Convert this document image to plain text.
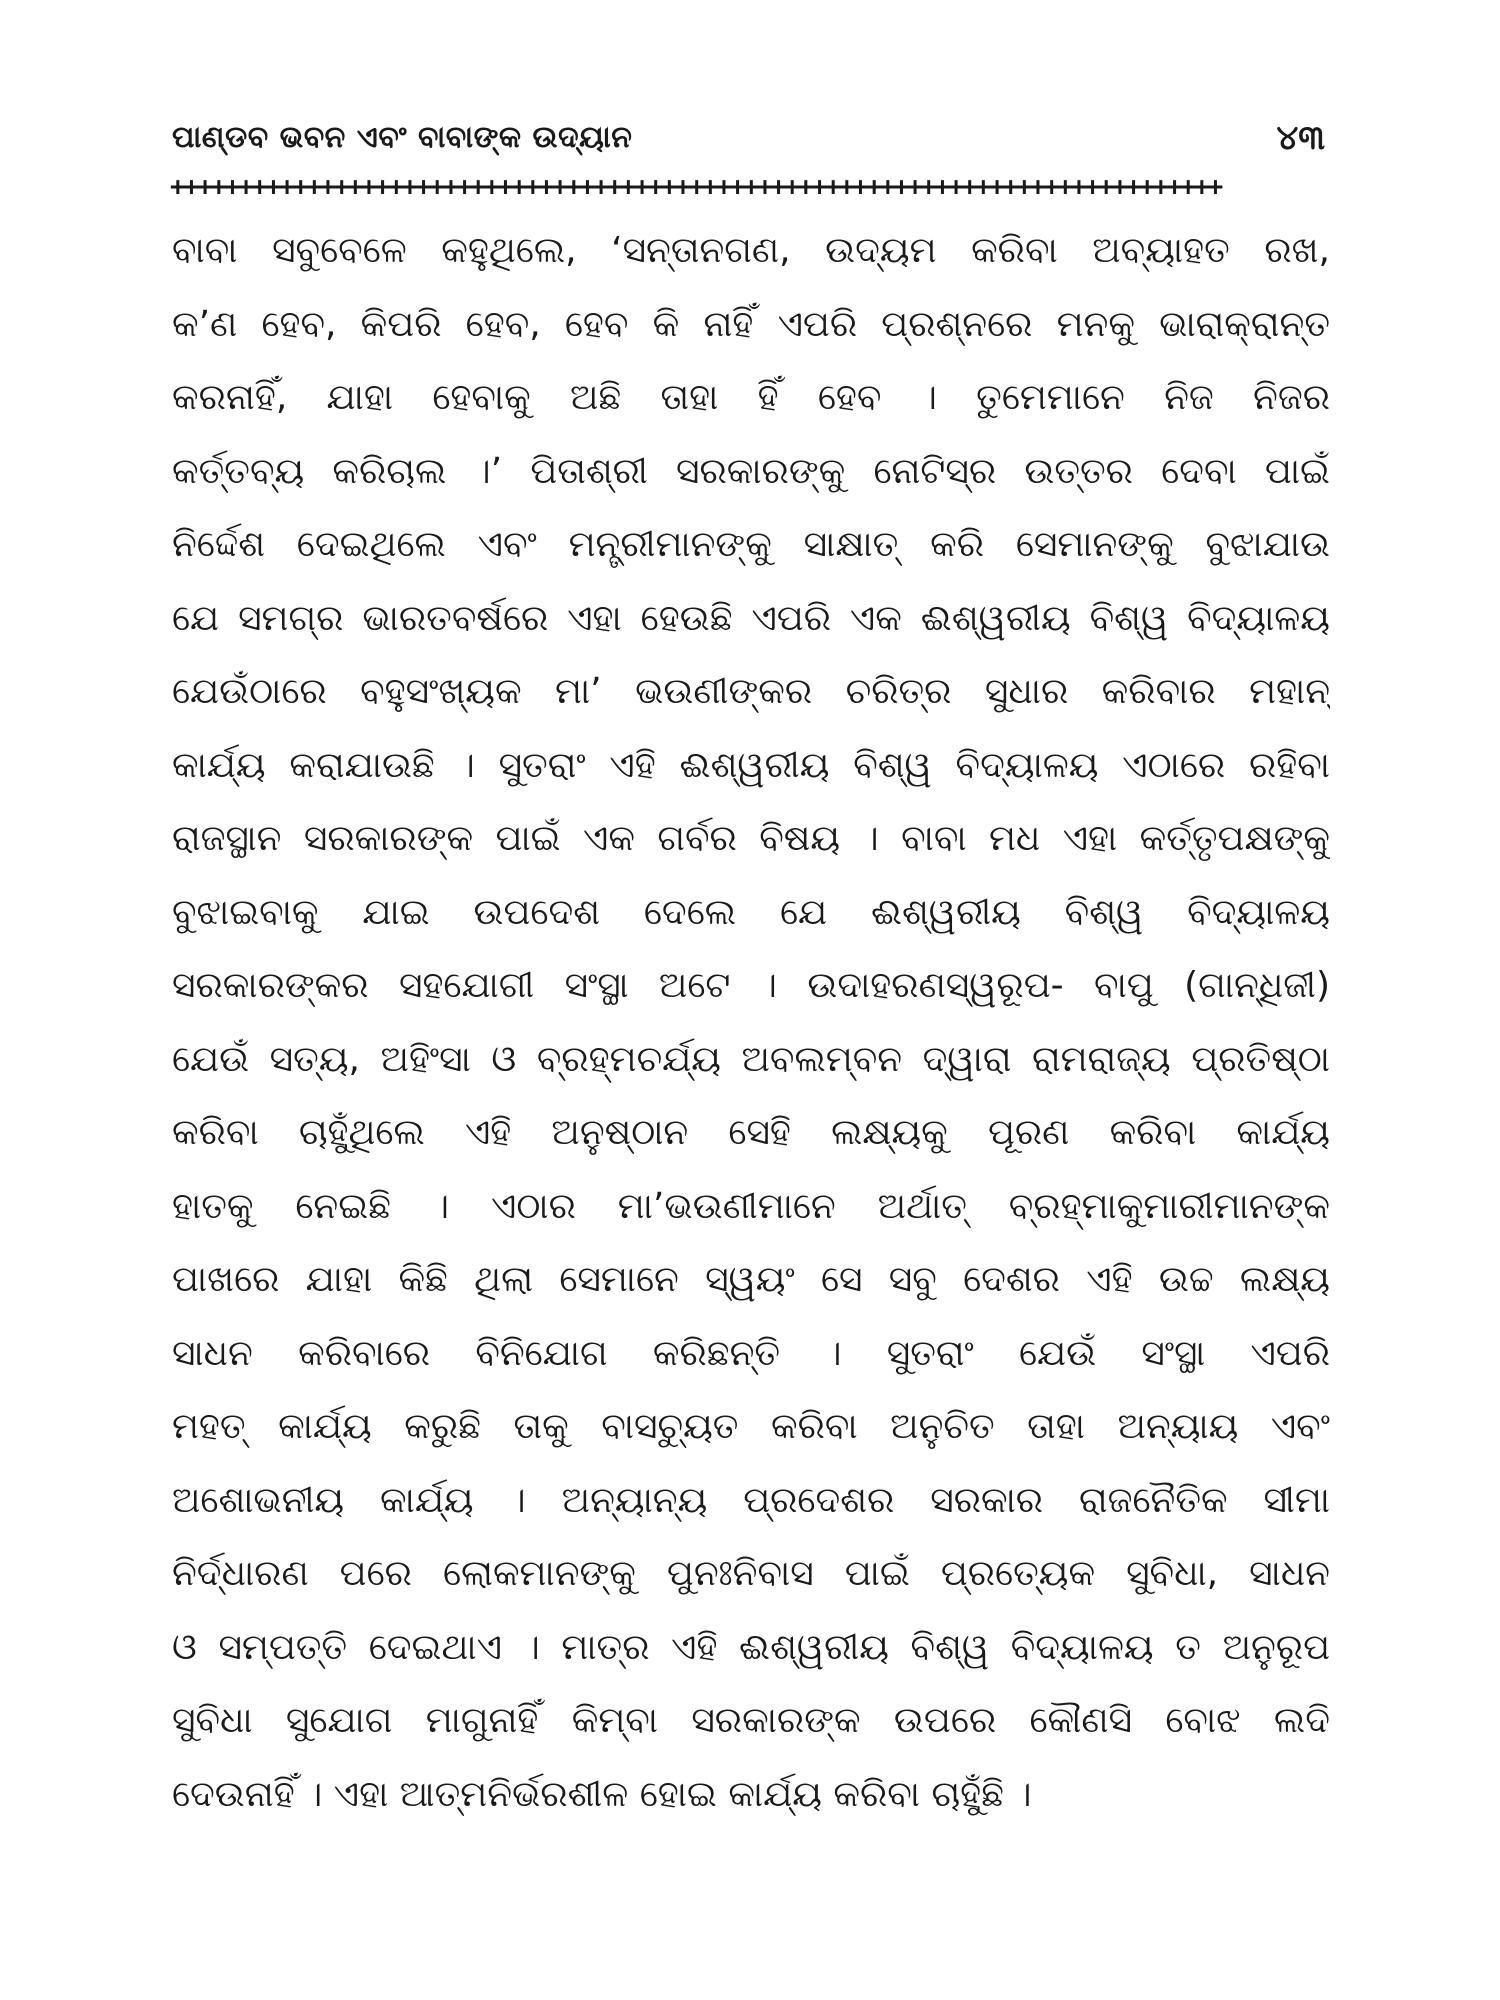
ପାଣ୍ଡବ ଭବନ ଏବଂ ବାବାଙ୍କ ଉଦ୍ୟାନ	୪୩
+++++++++++++++++++++++++++++++++++++++++++++++++++++++++++++++++++++++++++++
ବାବା ସବୁବେଳେ କହୁଥିଲେ, ‘ସନ୍ତାନଗଣ, ଉଦ୍ୟମ କରିବା ଅବ୍ୟାହତ ରଖ,
କ’ଣ ହେବ, କିପରି ହେବ, ହେବ କି ନାହିଁ ଏପରି ପ୍ରଶ୍ନରେ ମନକୁ ଭାରାକ୍ରାନ୍ତ
କରନାହିଁ, ଯାହା ହେବାକୁ ଅଛି ତାହା ହିଁ ହେବ । ତୁମେମାନେ ନିଜ ନିଜର
କର୍ତ୍ତବ୍ୟ କରିଚାଲ ।’ ପିତାଶ୍ରୀ ସରକାରଙ୍କୁ ନୋଟିସ୍‌ର ଉତ୍ତର ଦେବା ପାଇଁ
ନିର୍ଦ୍ଦେଶ ଦେଇଥିଲେ ଏବଂ ମନ୍ତ୍ରୀମାନଙ୍କୁ ସାକ୍ଷାତ୍ କରି ସେମାନଙ୍କୁ ବୁଝାଯାଉ
ଯେ ସମଗ୍ର ଭାରତବର୍ଷରେ ଏହା ହେଉଛି ଏପରି ଏକ ଈଶ୍ୱରୀୟ ବିଶ୍ୱ ବିଦ୍ୟାଳୟ
ଯେଉଁଠାରେ ବହୁସଂଖ୍ୟକ ମା’ ଭଉଣୀଙ୍କର ଚରିତ୍ର ସୁଧାର କରିବାର ମହାନ୍
କାର୍ଯ୍ୟ କରାଯାଉଛି । ସୁତରାଂ ଏହି ଈଶ୍ୱରୀୟ ବିଶ୍ୱ ବିଦ୍ୟାଳୟ ଏଠାରେ ରହିବା
ରାଜସ୍ଥାନ ସରକାରଙ୍କ ପାଇଁ ଏକ ଗର୍ବର ବିଷୟ । ବାବା ମଧ ଏହା କର୍ତ୍ତୃପକ୍ଷଙ୍କୁ
ବୁଝାଇବାକୁ ଯାଇ ଉପଦେଶ ଦେଲେ ଯେ ଈଶ୍ୱରୀୟ ବିଶ୍ୱ ବିଦ୍ୟାଳୟ
ସରକାରଙ୍କର ସହଯୋଗୀ ସଂସ୍ଥା ଅଟେ । ଉଦାହରଣସ୍ୱରୂପ- ବାପୁ (ଗାନ୍ଧିଜୀ)
ଯେଉଁ ସତ୍ୟ, ଅହିଂସା ଓ ବ୍ରହ୍ମଚର୍ଯ୍ୟ ଅବଲମ୍ବନ ଦ୍ୱାରା ରାମରାଜ୍ୟ ପ୍ରତିଷ୍ଠା
କରିବା ଚାହୁଁଥିଲେ ଏହି ଅନୁଷ୍ଠାନ ସେହି ଲକ୍ଷ୍ୟକୁ ପୂରଣ କରିବା କାର୍ଯ୍ୟ
ହାତକୁ ନେଇଛି । ଏଠାର ମା’ଭଉଣୀମାନେ ଅର୍ଥାତ୍ ବ୍ରହ୍ମାକୁମାରୀମାନଙ୍କ
ପାଖରେ ଯାହା କିଛି ଥିଲା ସେମାନେ ସ୍ୱୟଂ ସେ ସବୁ ଦେଶର ଏହି ଉଚ୍ଚ ଲକ୍ଷ୍ୟ
ସାଧନ କରିବାରେ ବିନିଯୋଗ କରିଛନ୍ତି । ସୁତରାଂ ଯେଉଁ ସଂସ୍ଥା ଏପରି
ମହତ୍ କାର୍ଯ୍ୟ କରୁଛି ତାକୁ ବାସଚ୍ୟୁତ କରିବା ଅନୁଚିତ ତାହା ଅନ୍ୟାୟ ଏବଂ
ଅଶୋଭନୀୟ କାର୍ଯ୍ୟ । ଅନ୍ୟାନ୍ୟ ପ୍ରଦେଶର ସରକାର ରାଜନୈତିକ ସୀମା
ନିର୍ଦ୍ଧାରଣ ପରେ ଲୋକମାନଙ୍କୁ ପୁନଃନିବାସ ପାଇଁ ପ୍ରତ୍ୟେକ ସୁବିଧା, ସାଧନ
ଓ ସମ୍ପତ୍ତି ଦେଇଥାଏ । ମାତ୍ର ଏହି ଈଶ୍ୱରୀୟ ବିଶ୍ୱ ବିଦ୍ୟାଳୟ ତ ଅନୁରୂପ
ସୁବିଧା ସୁଯୋଗ ମାଗୁନାହିଁ କିମ୍ବା ସରକାରଙ୍କ ଉପରେ କୌଣସି ବୋଝ ଲଦି
ଦେଉନାହିଁ । ଏହା ଆତ୍ମନିର୍ଭରଶୀଳ ହୋଇ କାର୍ଯ୍ୟ କରିବା ଚାହୁଁଛି ।
